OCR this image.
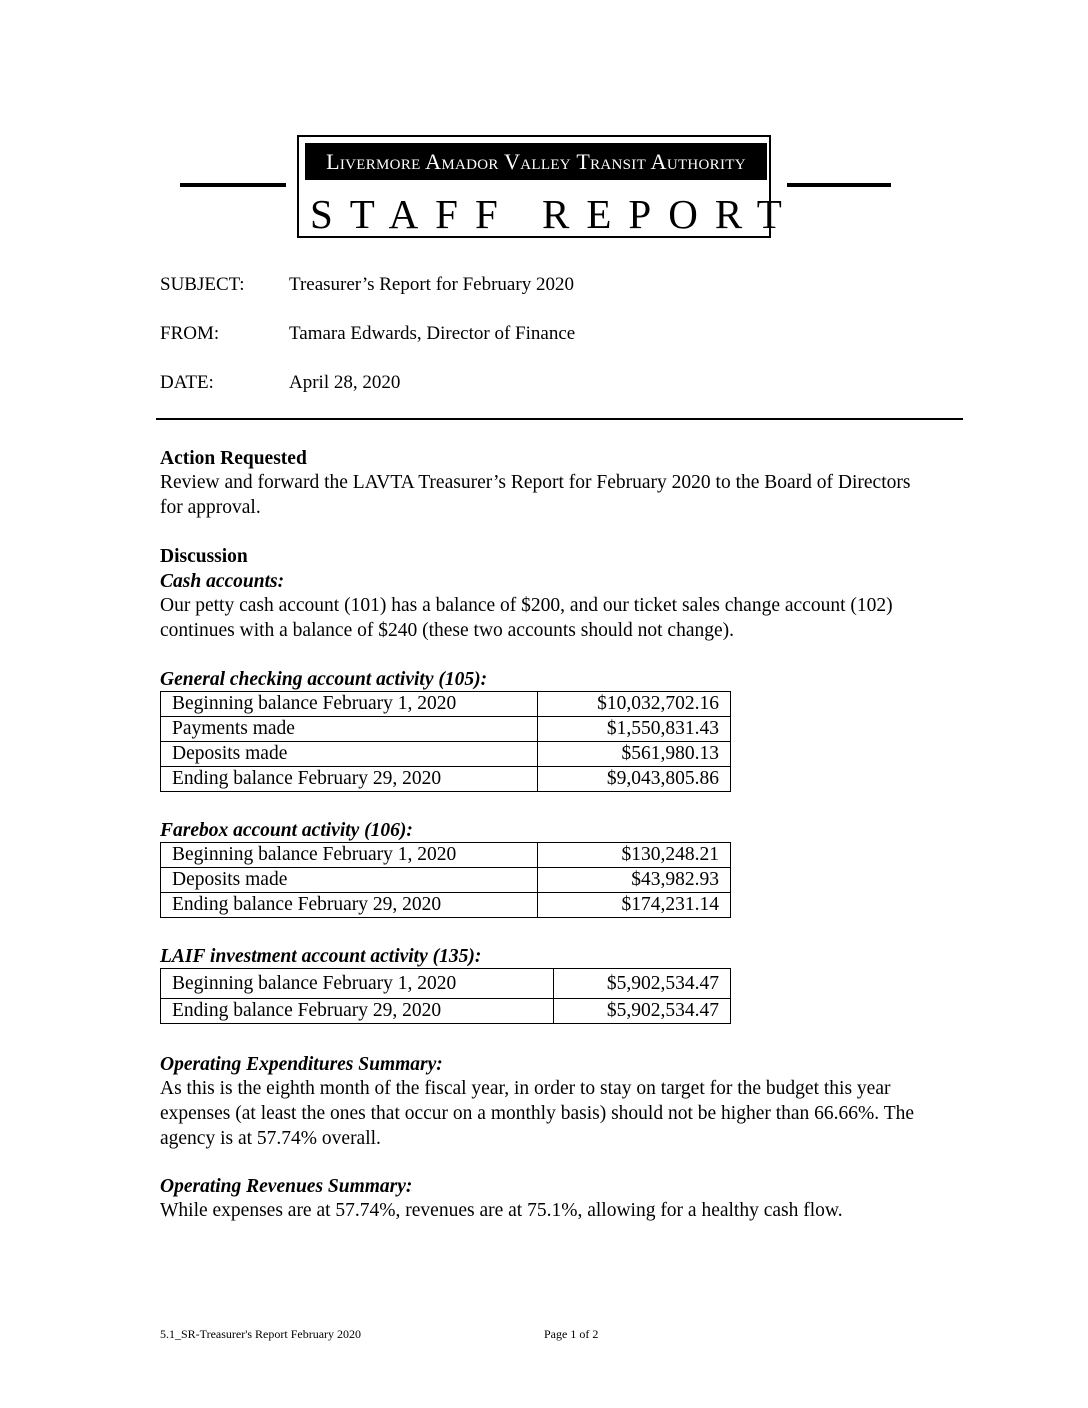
Livermore Amador Valley Transit Authority
STAFF REPORT
SUBJECT: Treasurer’s Report for February 2020
FROM:	Tamara Edwards, Director of Finance
DATE:	April 28, 2020
Action Requested
Review and forward the LAVTA Treasurer’s Report for February 2020 to the Board of Directors for approval.
Discussion
Cash accounts:
Our petty cash account (101) has a balance of $200, and our ticket sales change account (102) continues with a balance of $240 (these two accounts should not change).
General checking account activity (105):
Beginning balance February 1, 2020	$10,032,702.16
Payments made	$1,550,831.43
Deposits made	$561,980.13
Ending balance February 29, 2020	$9,043,805.86
Farebox account activity (106):
Beginning balance February 1, 2020	$130,248.21
Deposits made	$43,982.93
Ending balance February 29, 2020	$174,231.14
LAIF investment account activity (135):
Beginning balance February 1, 2020	$5,902,534.47
Ending balance February 29, 2020	$5,902,534.47
Operating Expenditures Summary:
As this is the eighth month of the fiscal year, in order to stay on target for the budget this year expenses (at least the ones that occur on a monthly basis) should not be higher than 66.66%. The agency is at 57.74% overall.
Operating Revenues Summary:
While expenses are at 57.74%, revenues are at 75.1%, allowing for a healthy cash flow.
5.1_SR-Treasurer's Report February 2020	Page 1 of 2
